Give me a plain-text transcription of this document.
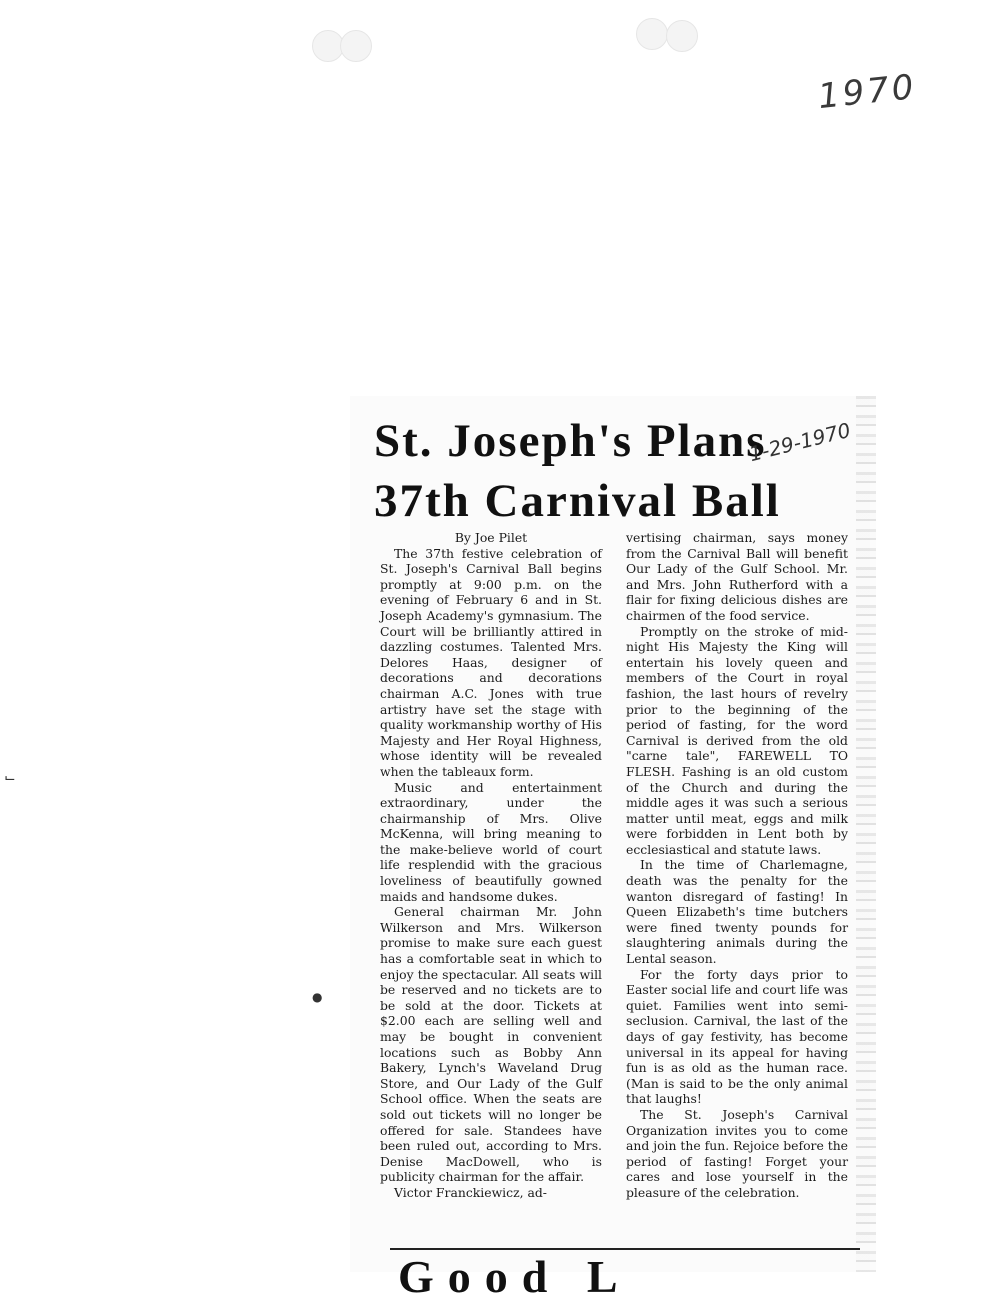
1970
⌙
●
St. Joseph's Plans
37th Carnival Ball
1-29-1970

By Joe Pilet

The 37th festive celebration of St. Joseph's Carnival Ball begins promptly at 9:00 p.m. on the evening of February 6 and in St. Joseph Academy's gymnasium. The Court will be brilliantly attired in dazzling costumes. Talented Mrs. Delores Haas, designer of decorations and decorations chairman A.C. Jones with true artistry have set the stage with quality workmanship worthy of His Majesty and Her Royal Highness, whose identity will be revealed when the tableaux form.

Music and entertainment extraordinary, under the chairmanship of Mrs. Olive McKenna, will bring meaning to the make-believe world of court life resplendid with the gracious loveliness of beautifully gowned maids and handsome dukes.

General chairman Mr. John Wilkerson and Mrs. Wilkerson promise to make sure each guest has a comfortable seat in which to enjoy the spectacular. All seats will be reserved and no tickets are to be sold at the door. Tickets at $2.00 each are selling well and may be bought in convenient locations such as Bobby Ann Bakery, Lynch's Waveland Drug Store, and Our Lady of the Gulf School office. When the seats are sold out tickets will no longer be offered for sale. Standees have been ruled out, according to Mrs. Denise MacDowell, who is publicity chairman for the affair.

Victor Franckiewicz, ad-

vertising chairman, says money from the Carnival Ball will benefit Our Lady of the Gulf School. Mr. and Mrs. John Rutherford with a flair for fixing delicious dishes are chairmen of the food service.

Promptly on the stroke of mid-night His Majesty the King will entertain his lovely queen and members of the Court in royal fashion, the last hours of revelry prior to the beginning of the period of fasting, for the word Carnival is derived from the old "carne tale", FAREWELL TO FLESH. Fashing is an old custom of the Church and during the middle ages it was such a serious matter until meat, eggs and milk were forbidden in Lent both by ecclesiastical and statute laws.

In the time of Charlemagne, death was the penalty for the wanton disregard of fasting! In Queen Elizabeth's time butchers were fined twenty pounds for slaughtering animals during the Lental season.

For the forty days prior to Easter social life and court life was quiet. Families went into semi-seclusion. Carnival, the last of the days of gay festivity, has become universal in its appeal for having fun is as old as the human race. (Man is said to be the only animal that laughs!

The St. Joseph's Carnival Organization invites you to come and join the fun. Rejoice before the period of fasting! Forget your cares and lose yourself in the pleasure of the celebration.

Good L
